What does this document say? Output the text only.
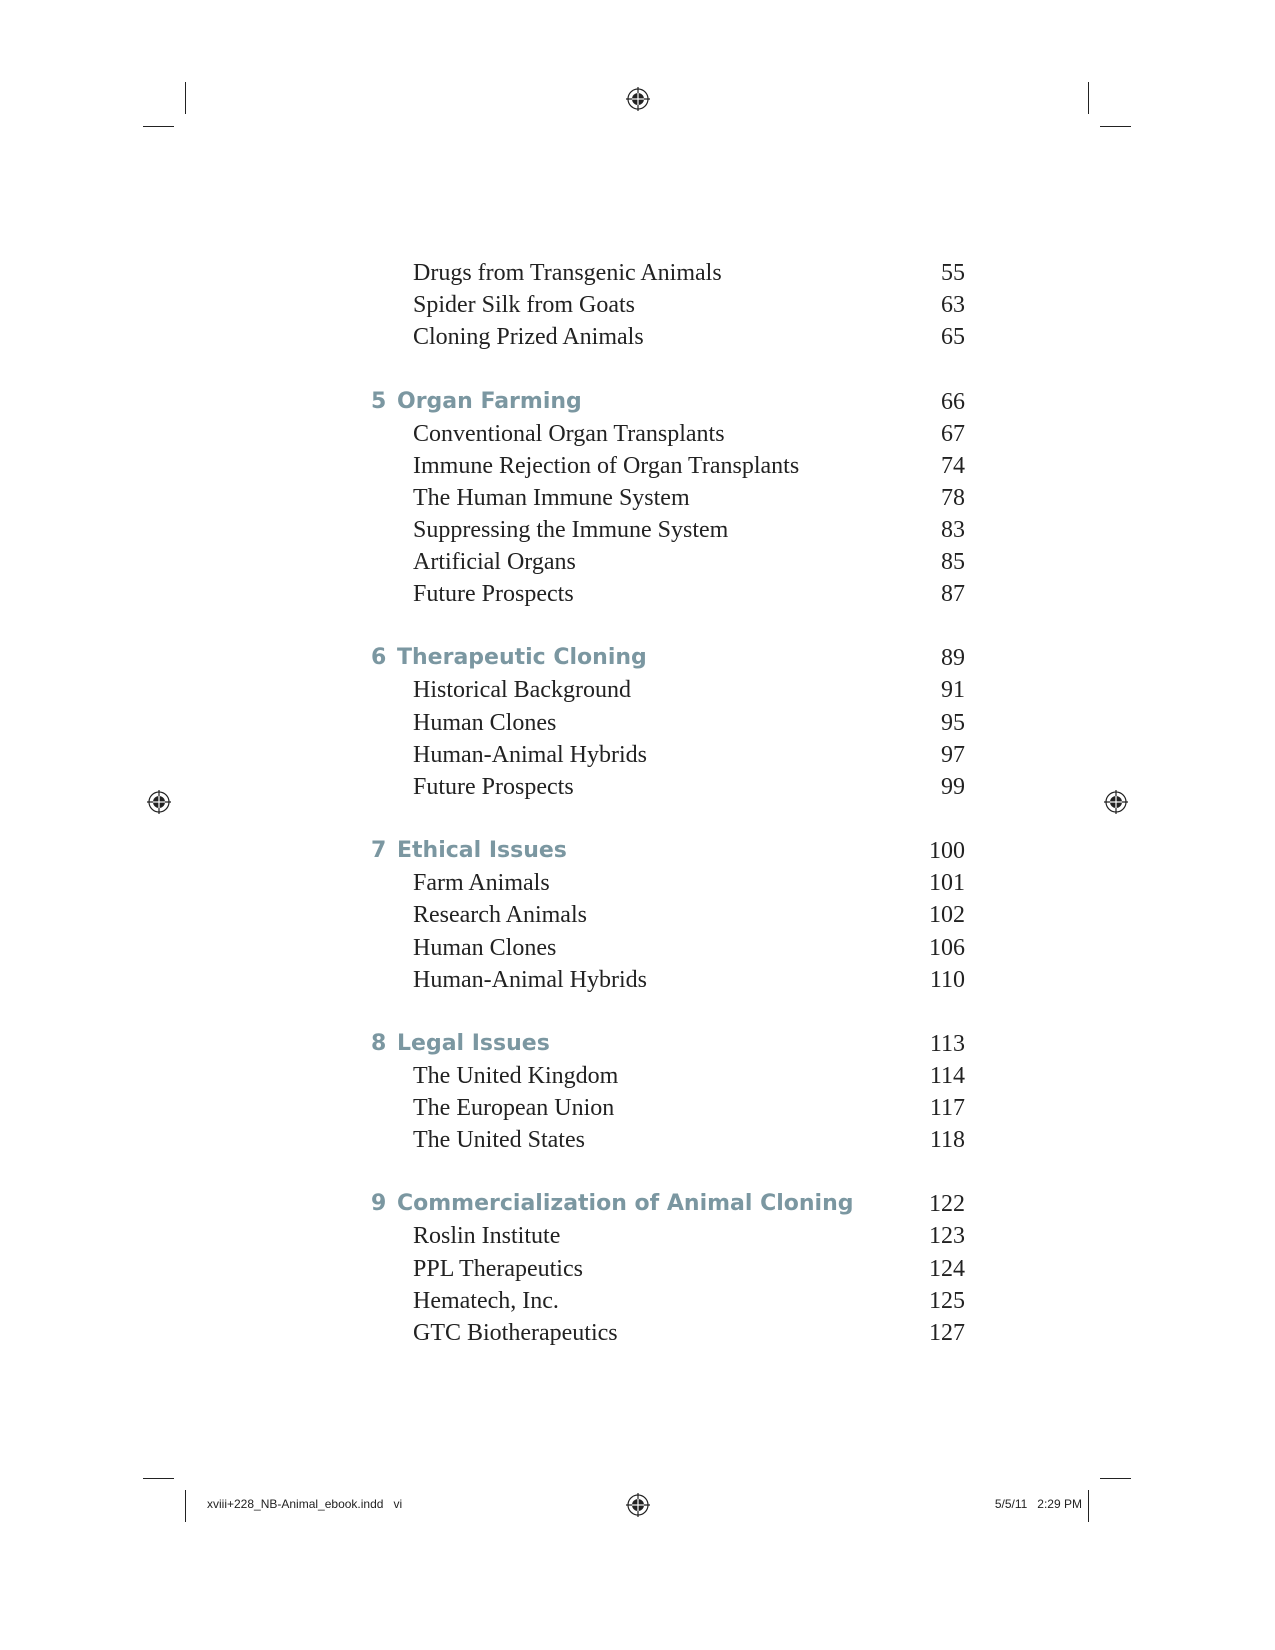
Drugs from Transgenic Animals	55
Spider Silk from Goats	63
Cloning Prized Animals	65
5 Organ Farming	66
Conventional Organ Transplants	67
Immune Rejection of Organ Transplants	74
The Human Immune System	78
Suppressing the Immune System	83
Artificial Organs	85
Future Prospects	87
6 Therapeutic Cloning	89
Historical Background	91
Human Clones	95
Human-Animal Hybrids	97
Future Prospects	99
7 Ethical Issues	100
Farm Animals	101
Research Animals	102
Human Clones	106
Human-Animal Hybrids	110
8 Legal Issues	113
The United Kingdom	114
The European Union	117
The United States	118
9 Commercialization of Animal Cloning	122
Roslin Institute	123
PPL Therapeutics	124
Hematech, Inc.	125
GTC Biotherapeutics	127
xviii+228_NB-Animal_ebook.indd   vi	5/5/11   2:29 PM
